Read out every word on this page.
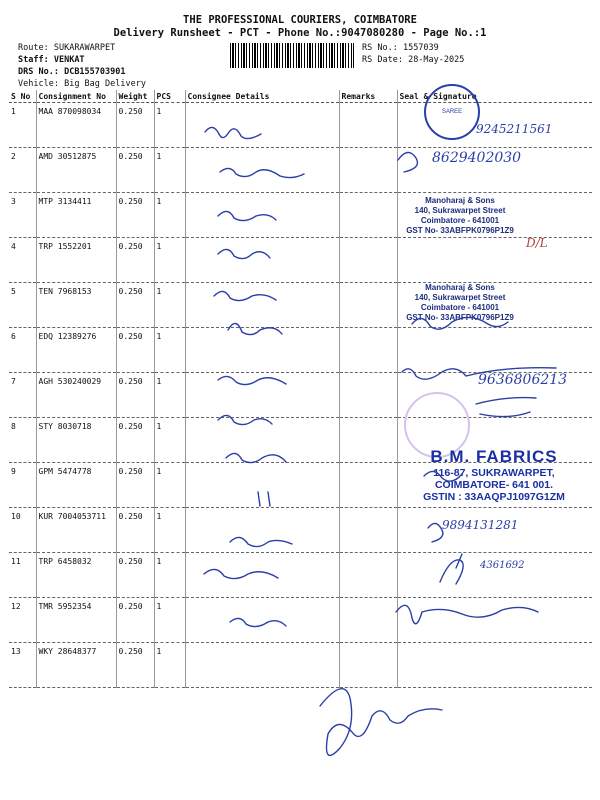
THE PROFESSIONAL COURIERS, COIMBATORE
Delivery Runsheet - PCT - Phone No.:9047080280 - Page No.:1
Route: SUKARAWARPET
Staff: VENKAT
DRS No.: DCB155703901
Vehicle: Big Bag Delivery
RS No.: 1557039
RS Date: 28-May-2025
S No	Consignment No	Weight	PCS	Consignee Details	Remarks	Seal & Signature
1	MAA 870098034	0.250	1			
2	AMD 30512875	0.250	1			
3	MTP 3134411	0.250	1			
4	TRP 1552201	0.250	1			
5	TEN 7968153	0.250	1			
6	EDQ 12389276	0.250	1			
7	AGH 530240029	0.250	1			
8	STY 8030718	0.250	1			
9	GPM 5474778	0.250	1			
10	KUR 7004053711	0.250	1			
11	TRP 6458032	0.250	1			
12	TMR 5952354	0.250	1			
13	WKY 28648377	0.250	1			
SAREE
Manoharaj & Sons
140, Sukrawarpet Street
Coimbatore - 641001
GST No- 33ABFPK0796P1Z9
Manoharaj & Sons
140, Sukrawarpet Street
Coimbatore - 641001
GST No- 33ABFPK0796P1Z9
B.M. FABRICS
116-87, SUKRAWARPET,
COIMBATORE- 641 001.
GSTIN : 33AAQPJ1097G1ZM
9245211561
8629402030
D/L
9636806213
9894131281
4361692
